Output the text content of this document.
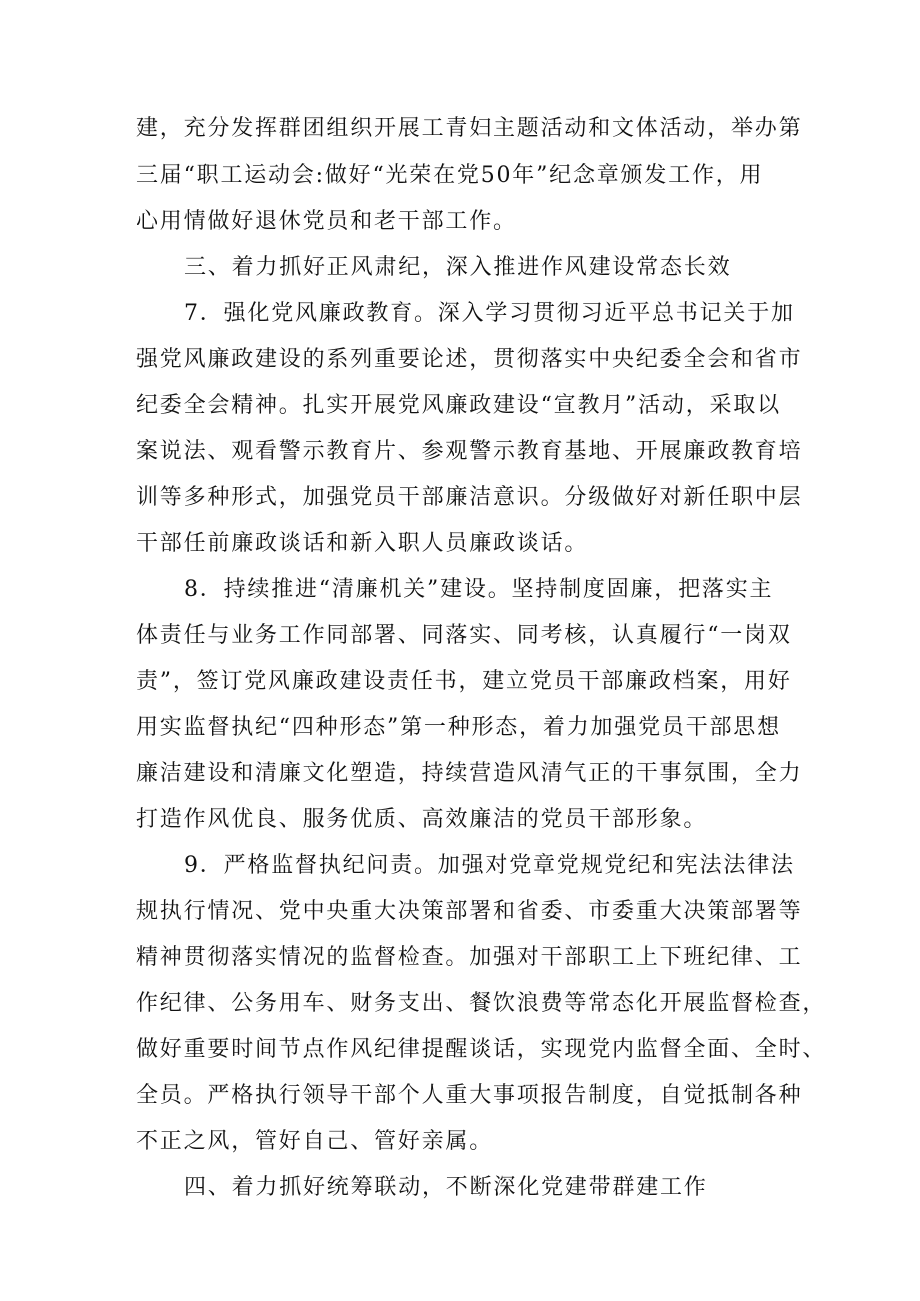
建，充分发挥群团组织开展工青妇主题活动和文体活动，举办第
三届“职工运动会:做好“光荣在党50年”纪念章颁发工作，用
心用情做好退休党员和老干部工作。
三、着力抓好正风肃纪，深入推进作风建设常态长效
7．强化党风廉政教育。深入学习贯彻习近平总书记关于加
强党风廉政建设的系列重要论述，贯彻落实中央纪委全会和省市
纪委全会精神。扎实开展党风廉政建设“宣教月”活动，采取以
案说法、观看警示教育片、参观警示教育基地、开展廉政教育培
训等多种形式，加强党员干部廉洁意识。分级做好对新任职中层
干部任前廉政谈话和新入职人员廉政谈话。
8．持续推进“清廉机关”建设。坚持制度固廉，把落实主
体责任与业务工作同部署、同落实、同考核，认真履行“一岗双
责”，签订党风廉政建设责任书，建立党员干部廉政档案，用好
用实监督执纪“四种形态”第一种形态，着力加强党员干部思想
廉洁建设和清廉文化塑造，持续营造风清气正的干事氛围，全力
打造作风优良、服务优质、高效廉洁的党员干部形象。
9．严格监督执纪问责。加强对党章党规党纪和宪法法律法
规执行情况、党中央重大决策部署和省委、市委重大决策部署等
精神贯彻落实情况的监督检查。加强对干部职工上下班纪律、工
作纪律、公务用车、财务支出、餐饮浪费等常态化开展监督检查，
做好重要时间节点作风纪律提醒谈话，实现党内监督全面、全时、
全员。严格执行领导干部个人重大事项报告制度，自觉抵制各种
不正之风，管好自己、管好亲属。
四、着力抓好统筹联动，不断深化党建带群建工作
